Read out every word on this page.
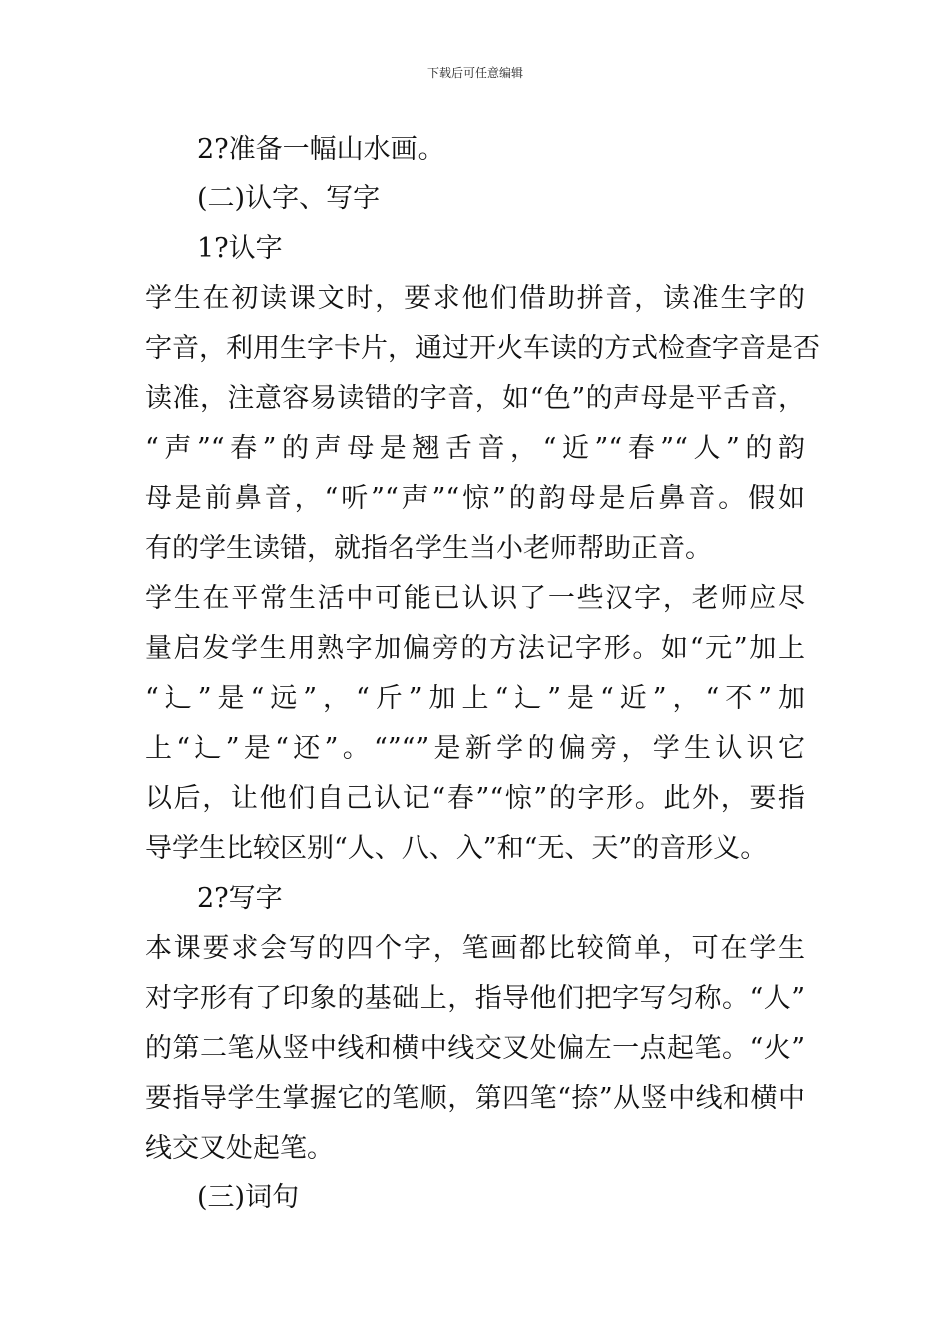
下载后可任意编辑
2?准备一幅山水画。
(二)认字、写字
1?认字
学生在初读课文时，要求他们借助拼音，读准生字的
字音，利用生字卡片，通过开火车读的方式检查字音是否
读准，注意容易读错的字音，如“色”的声母是平舌音，
“声”“春”的声母是翘舌音，“近”“春”“人”的韵
母是前鼻音，“听”“声”“惊”的韵母是后鼻音。假如
有的学生读错，就指名学生当小老师帮助正音。
学生在平常生活中可能已认识了一些汉字，老师应尽
量启发学生用熟字加偏旁的方法记字形。如“元”加上
“辶”是“远”，“斤”加上“辶”是“近”，“不”加
上“辶”是“还”。“”“”是新学的偏旁，学生认识它
以后，让他们自己认记“春”“惊”的字形。此外，要指
导学生比较区别“人、八、入”和“无、天”的音形义。
2?写字
本课要求会写的四个字，笔画都比较简单，可在学生
对字形有了印象的基础上，指导他们把字写匀称。“人”
的第二笔从竖中线和横中线交叉处偏左一点起笔。“火”
要指导学生掌握它的笔顺，第四笔“捺”从竖中线和横中
线交叉处起笔。
(三)词句
